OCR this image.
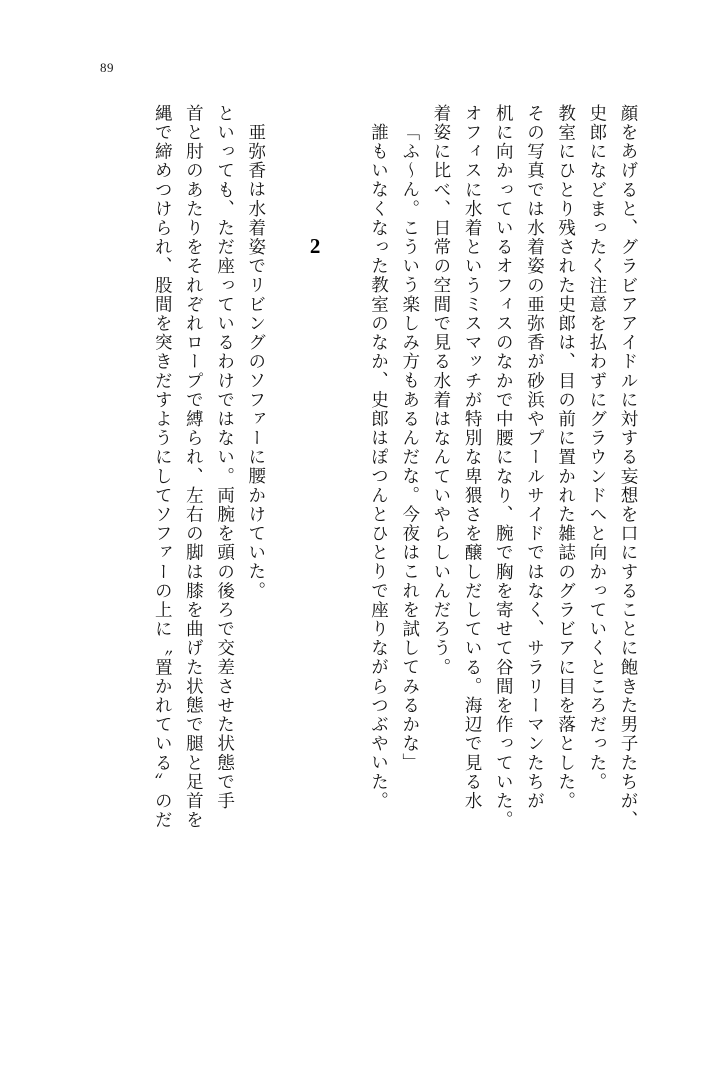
89
顔をあげると、グラビアアイドルに対する妄想を口にすることに飽きた男子たちが、
史郎になどまったく注意を払わずにグラウンドへと向かっていくところだった。
教室にひとり残された史郎は、目の前に置かれた雑誌のグラビアに目を落とした。
その写真では水着姿の亜弥香が砂浜やプールサイドではなく、サラリーマンたちが
机に向かっているオフィスのなかで中腰になり、腕で胸を寄せて谷間を作っていた。
オフィスに水着というミスマッチが特別な卑猥さを醸しだしている。海辺で見る水
着姿に比べ、日常の空間で見る水着はなんていやらしいんだろう。
「ふ〜ん。こういう楽しみ方もあるんだな。今夜はこれを試してみるかな」
誰もいなくなった教室のなか、史郎はぽつんとひとりで座りながらつぶやいた。
2
亜弥香は水着姿でリビングのソファーに腰かけていた。
といっても、ただ座っているわけではない。両腕を頭の後ろで交差させた状態で手
首と肘のあたりをそれぞれロープで縛られ、左右の脚は膝を曲げた状態で腿と足首を
縄で締めつけられ、股間を突きだすようにしてソファーの上に〝置かれている〟のだ
